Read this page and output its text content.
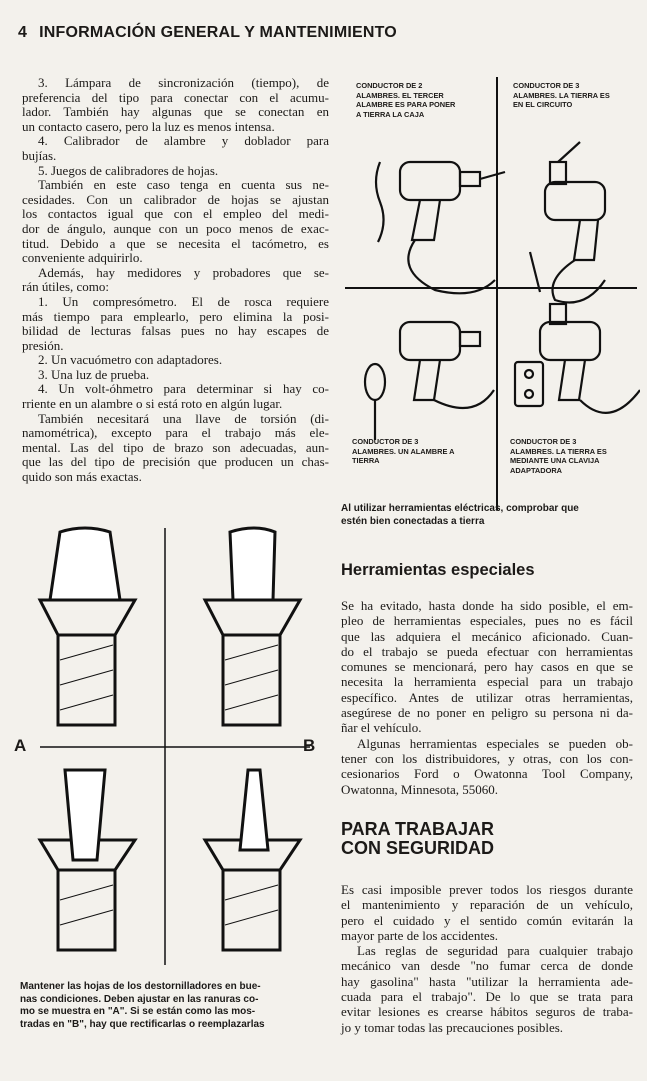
4 INFORMACIÓN GENERAL Y MANTENIMIENTO
3. Lámpara de sincronización (tiempo), de
preferencia del tipo para conectar con el acumu-
lador. También hay algunas que se conectan en
un contacto casero, pero la luz es menos intensa.
4. Calibrador de alambre y doblador para
bujías.
5. Juegos de calibradores de hojas.
También en este caso tenga en cuenta sus ne-
cesidades. Con un calibrador de hojas se ajustan
los contactos igual que con el empleo del medi-
dor de ángulo, aunque con un poco menos de exac-
titud. Debido a que se necesita el tacómetro, es
conveniente adquirirlo.
Además, hay medidores y probadores que se-
rán útiles, como:
1. Un compresómetro. El de rosca requiere
más tiempo para emplearlo, pero elimina la posi-
bilidad de lecturas falsas pues no hay escapes de
presión.
2. Un vacuómetro con adaptadores.
3. Una luz de prueba.
4. Un volt-óhmetro para determinar si hay co-
rriente en un alambre o si está roto en algún lugar.
También necesitará una llave de torsión (di-
namométrica), excepto para el trabajo más ele-
mental. Las del tipo de brazo son adecuadas, aun-
que las del tipo de precisión que producen un chas-
quido son más exactas.
CONDUCTOR DE 2
ALAMBRES. EL TERCER
ALAMBRE ES PARA PONER
A TIERRA LA CAJA
CONDUCTOR DE 3
ALAMBRES. LA TIERRA ES
EN EL CIRCUITO
CONDUCTOR DE 3
ALAMBRES. UN ALAMBRE A
TIERRA
CONDUCTOR DE 3
ALAMBRES. LA TIERRA ES
MEDIANTE UNA CLAVIJA
ADAPTADORA
Al utilizar herramientas eléctricas, comprobar que
estén bien conectadas a tierra
A	B
Mantener las hojas de los destornilladores en bue-
nas condiciones. Deben ajustar en las ranuras co-
mo se muestra en "A". Si se están como las mos-
tradas en "B", hay que rectificarlas o reemplazarlas
Herramientas especiales
Se ha evitado, hasta donde ha sido posible, el em-
pleo de herramientas especiales, pues no es fácil
que las adquiera el mecánico aficionado. Cuan-
do el trabajo se pueda efectuar con herramientas
comunes se mencionará, pero hay casos en que se
necesita la herramienta especial para un trabajo
específico. Antes de utilizar otras herramientas,
asegúrese de no poner en peligro su persona ni da-
ñar el vehículo.
Algunas herramientas especiales se pueden ob-
tener con los distribuidores, y otras, con los con-
cesionarios Ford o Owatonna Tool Company,
Owatonna, Minnesota, 55060.
PARA TRABAJAR
CON SEGURIDAD
Es casi imposible prever todos los riesgos durante
el mantenimiento y reparación de un vehículo,
pero el cuidado y el sentido común evitarán la
mayor parte de los accidentes.
Las reglas de seguridad para cualquier trabajo
mecánico van desde "no fumar cerca de donde
hay gasolina" hasta "utilizar la herramienta ade-
cuada para el trabajo". De lo que se trata para
evitar lesiones es crearse hábitos seguros de traba-
jo y tomar todas las precauciones posibles.
